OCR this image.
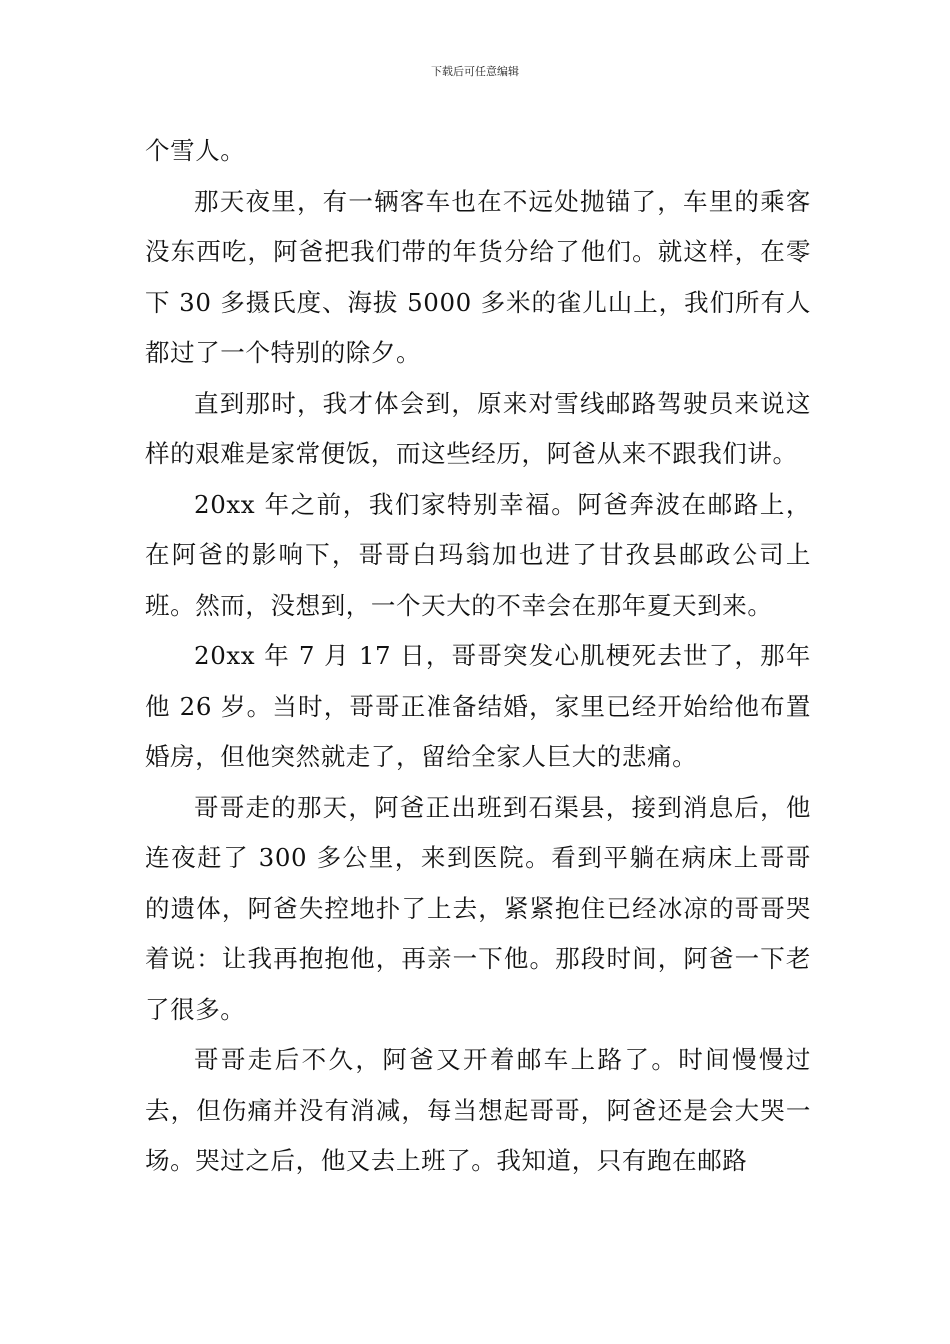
下载后可任意编辑

个雪人。

那天夜里，有一辆客车也在不远处抛锚了，车里的乘客没东西吃，阿爸把我们带的年货分给了他们。就这样，在零下 30 多摄氏度、海拔 5000 多米的雀儿山上，我们所有人都过了一个特别的除夕。

直到那时，我才体会到，原来对雪线邮路驾驶员来说这样的艰难是家常便饭，而这些经历，阿爸从来不跟我们讲。

20xx 年之前，我们家特别幸福。阿爸奔波在邮路上，在阿爸的影响下，哥哥白玛翁加也进了甘孜县邮政公司上班。然而，没想到，一个天大的不幸会在那年夏天到来。

20xx 年 7 月 17 日，哥哥突发心肌梗死去世了，那年他 26 岁。当时，哥哥正准备结婚，家里已经开始给他布置婚房，但他突然就走了，留给全家人巨大的悲痛。

哥哥走的那天，阿爸正出班到石渠县，接到消息后，他连夜赶了 300 多公里，来到医院。看到平躺在病床上哥哥的遗体，阿爸失控地扑了上去，紧紧抱住已经冰凉的哥哥哭着说：让我再抱抱他，再亲一下他。那段时间，阿爸一下老了很多。

哥哥走后不久，阿爸又开着邮车上路了。时间慢慢过去，但伤痛并没有消减，每当想起哥哥，阿爸还是会大哭一场。哭过之后，他又去上班了。我知道，只有跑在邮路
